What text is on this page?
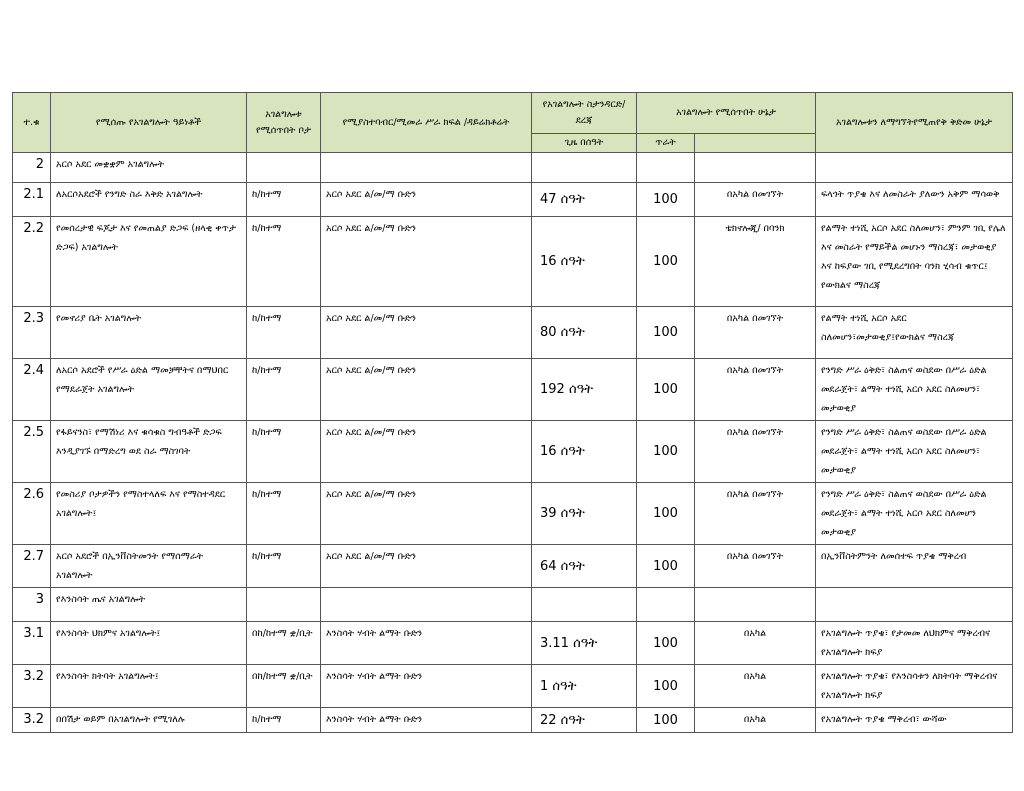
ተ.ቁ	የሚሰጡ የአገልግሎት ዓይነቶች	አገልግሎቱ የሚሰጥበት ቦታ	የሚያስተባብር/ሚመራ ሥራ ክፍል /ዳይሬክቶሬት	የአገልግሎት ስታንዳርድ/ደረጃ	አገልግሎት የሚሰጥበት ሁኔታ		አገልግሎቱን ለማግኘትየሚጠየቅ ቅድመ ሁኔታ
				ጊዜ በሰዓት	ጥራት		
2	አርሶ አደር መቋቋም አገልግሎት						
2.1	ለአርሶአደሮች የንግድ ስራ እቅድ አገልግሎት	ከ/ከተማ	አርሶ አደር ል/መ/ማ ቡድን	47 ሰዓት	100	በአካል በመገኘት	ፍላጎት ጥያቄ እና ለመስራት ያለውን አቅም ማሳወቅ
2.2	የመሰረታዊ ፍጆታ እና የመጠልያ ድጋፍ (ዘላቂ ቀጥታ ድጋፍ) አገልግሎት	ከ/ከተማ	አርሶ አደር ል/መ/ማ ቡድን	16 ሰዓት	100	ቴክኖሎጂ/ በባንክ	የልማት ተነሺ አርሶ አደር ስለመሆን፣ ምንም ገቢ የሌለ እና መስራት የማይችል መሆኑን ማስረጃ፣ መታወቂያ እና ከፍያው ገቢ የሚደረግበት ባንክ ሂሳብ ቁጥር፤ የውክልና ማስረጃ
2.3	የመኖሪያ ቤት አገልግሎት	ከ/ከተማ	አርሶ አደር ል/መ/ማ ቡድን	80 ሰዓት	100	በአካል በመገኘት	የልማት ተነሺ አርሶ አደር ስለመሆን፣መታወቂያ፤የውክልና ማስረጃ
2.4	ለአርሶ አደሮች የሥራ ዕድል ማመቻቸትና በማህበር የማደራጀት አገልግሎት	ከ/ከተማ	አርሶ አደር ል/መ/ማ ቡድን	192 ሰዓት	100	በአካል በመገኘት	የንግድ ሥራ ዕቅድ፣ ስልጠና ወስደው በሥራ ዕድል መደራጀት፣ ልማት ተነሺ አርሶ አደር ስለመሆን፣ መታወቂያ
2.5	የፋይናንስ፣ የማሽነሪ እና ቁሳቁስ ግብዓቶች ድጋፍ እንዲያገኙ በማድረግ ወደ ስራ ማስገባት	ከ/ከተማ	አርሶ አደር ል/መ/ማ ቡድን	16 ሰዓት	100	በአካል በመገኘት	የንግድ ሥራ ዕቅድ፣ ስልጠና ወስደው በሥራ ዕድል መደራጀት፣ ልማት ተነሺ አርሶ አደር ስለመሆን፣ መታወቂያ
2.6	የመስሪያ ቦታዎችን የማስተላለፍ እና የማስተዳደር አገልግሎት፤	ከ/ከተማ	አርሶ አደር ል/መ/ማ ቡድን	39 ሰዓት	100	በአካል በመገኘት	የንግድ ሥራ ዕቅድ፣ ስልጠና ወስደው በሥራ ዕድል መደራጀት፣ ልማት ተነሺ አርሶ አደር ስለመሆን መታወቂያ
2.7	አርሶ አደሮች በኢንቨስትመንት የማሰማራት አገልግሎት	ከ/ከተማ	አርሶ አደር ል/መ/ማ ቡድን	64 ሰዓት	100	በአካል በመገኘት	በኢንቨስትምንት ለመሰተፍ ጥያቄ ማቅረብ
3	የእንስሳት ጤና አገልግሎት						
3.1	የእንስሳት ህክምና አገልግሎት፤	በከ/ከተማ ቋ/ቢት	እንስሳት ሃብት ልማት ቡድን	3.11 ሰዓት	100	በአካል	የአገልግሎት ጥያቄ፣ የታመመ ለህክምና ማቅረብና የአገልግሎት ክፍያ
3.2	የእንስሳት ክትባት አገልግሎት፤	በከ/ከተማ ቋ/ቢት	እንስሳት ሃብት ልማት ቡድን	1 ሰዓት	100	በአካል	የአገልግሎት ጥያቄ፣ የእንስሳቱን ለክትባት ማቅረብና የአገልግሎት ክፍያ
3.2	በበሽታ ወይም በአገልግሎት የሚገለሉ	ከ/ከተማ	እንስሳት ሃብት ልማት ቡድን	22 ሰዓት	100	በአካል	የአገልግሎት ጥያቄ ማቅረብ፣ ውሻው
